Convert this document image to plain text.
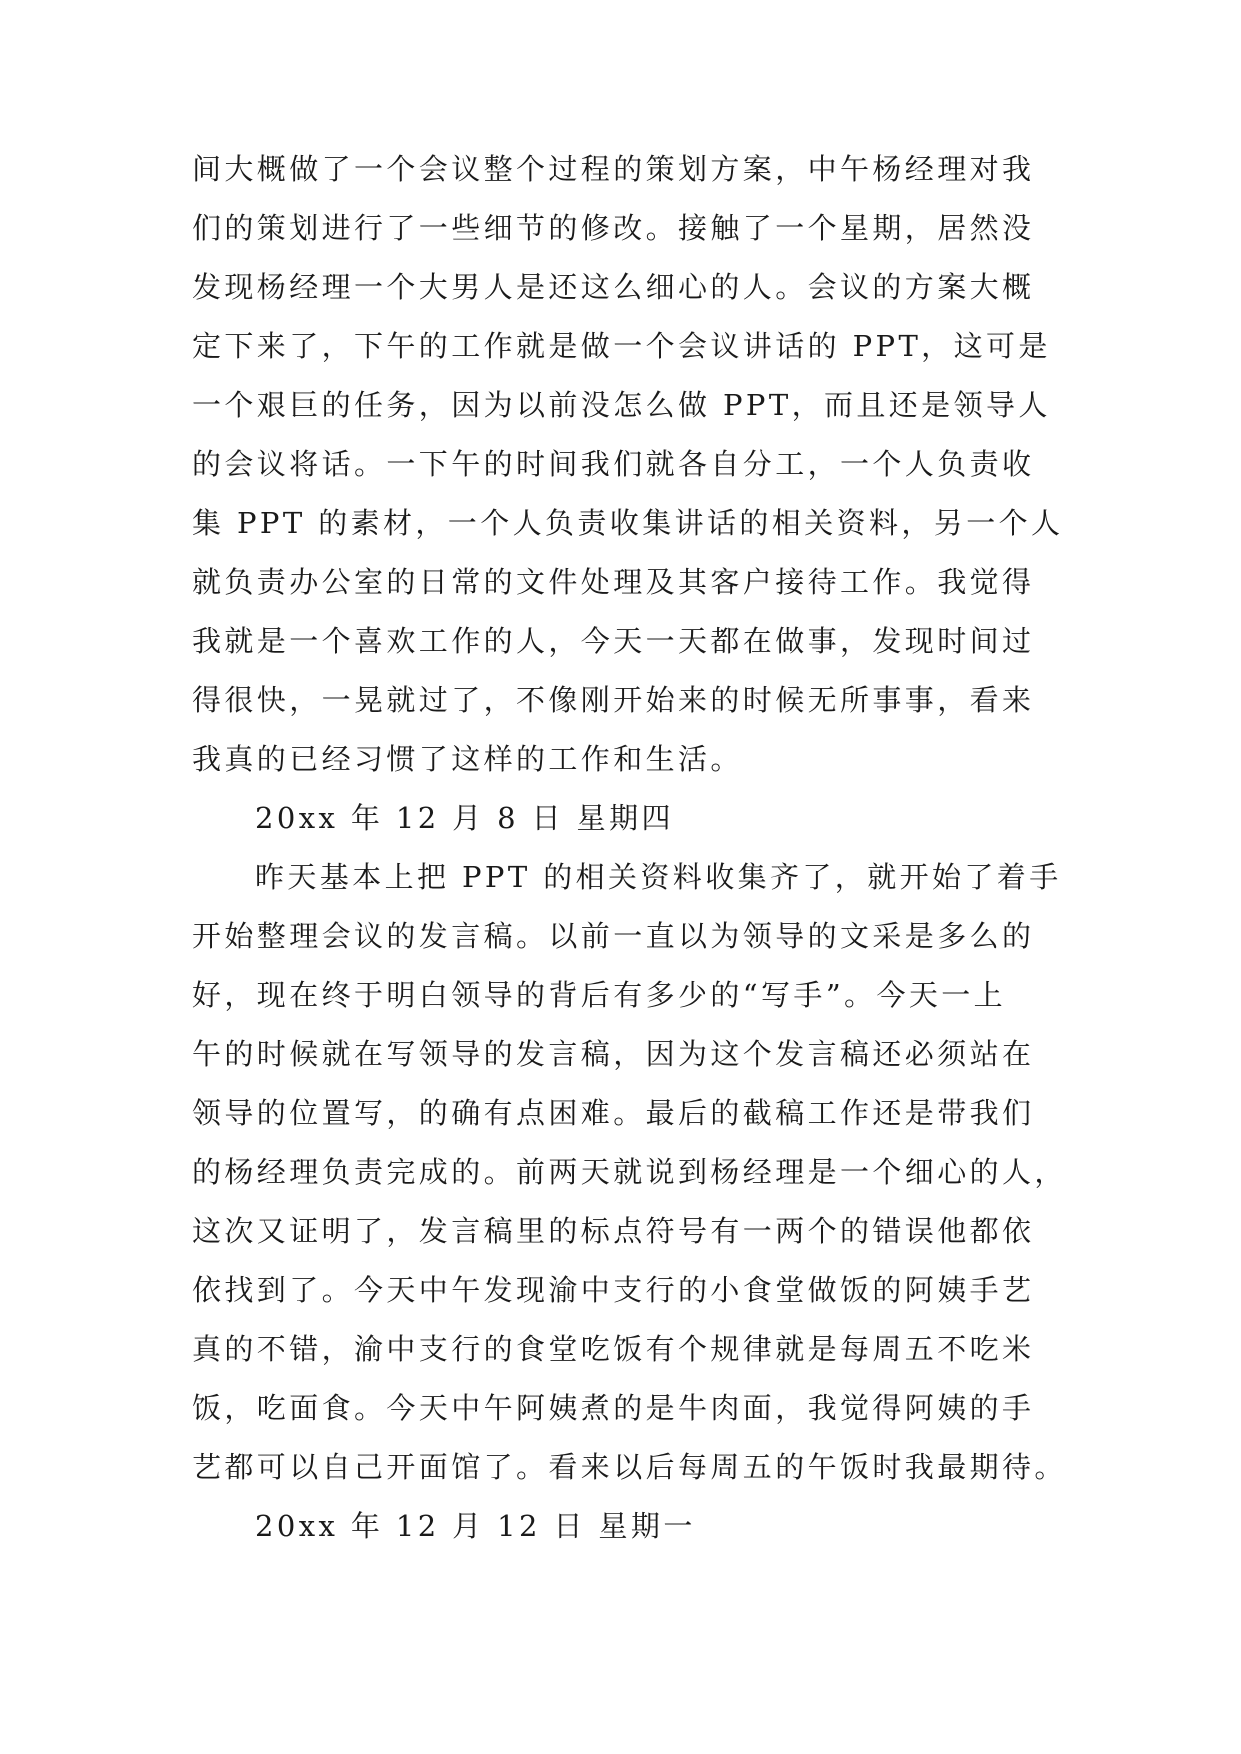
间大概做了一个会议整个过程的策划方案，中午杨经理对我
们的策划进行了一些细节的修改。接触了一个星期，居然没
发现杨经理一个大男人是还这么细心的人。会议的方案大概
定下来了，下午的工作就是做一个会议讲话的 PPT，这可是
一个艰巨的任务，因为以前没怎么做 PPT，而且还是领导人
的会议将话。一下午的时间我们就各自分工，一个人负责收
集 PPT 的素材，一个人负责收集讲话的相关资料，另一个人
就负责办公室的日常的文件处理及其客户接待工作。我觉得
我就是一个喜欢工作的人，今天一天都在做事，发现时间过
得很快，一晃就过了，不像刚开始来的时候无所事事，看来
我真的已经习惯了这样的工作和生活。
20xx 年 12 月 8 日 星期四
昨天基本上把 PPT 的相关资料收集齐了，就开始了着手
开始整理会议的发言稿。以前一直以为领导的文采是多么的
好，现在终于明白领导的背后有多少的“写手”。今天一上
午的时候就在写领导的发言稿，因为这个发言稿还必须站在
领导的位置写，的确有点困难。最后的截稿工作还是带我们
的杨经理负责完成的。前两天就说到杨经理是一个细心的人，
这次又证明了，发言稿里的标点符号有一两个的错误他都依
依找到了。今天中午发现渝中支行的小食堂做饭的阿姨手艺
真的不错，渝中支行的食堂吃饭有个规律就是每周五不吃米
饭，吃面食。今天中午阿姨煮的是牛肉面，我觉得阿姨的手
艺都可以自己开面馆了。看来以后每周五的午饭时我最期待。
20xx 年 12 月 12 日 星期一
